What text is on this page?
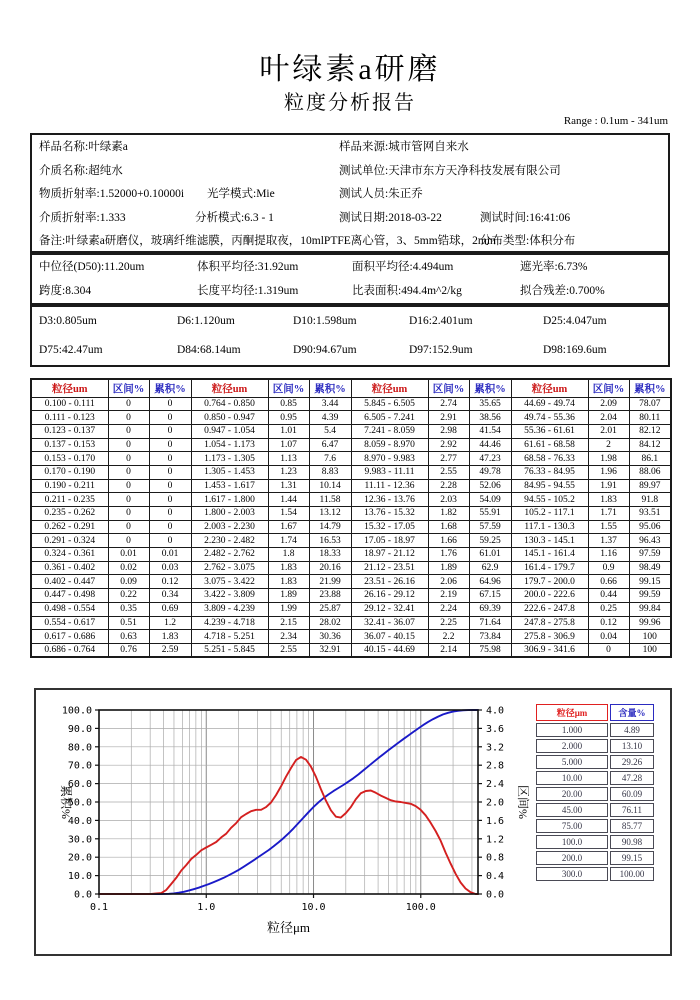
叶绿素a研磨
粒度分析报告
Range : 0.1um - 341um
样品名称:叶绿素a	样品来源:城市管网自来水
介质名称:超纯水	测试单位:天津市东方天净科技发展有限公司
物质折射率:1.52000+0.10000i 光学模式:Mie	测试人员:朱正乔
介质折射率:1.333	分析模式:6.3 - 1	测试日期:2018-03-22	测试时间:16:41:06
备注:叶绿素a研磨仪，玻璃纤维滤膜，丙酮提取夜，10mlPTFE离心管，3、5mm锆球，2min
分布类型:体积分布
中位径(D50):11.20um	体积平均径:31.92um	面积平均径:4.494um	遮光率:6.73%
跨度:8.304	长度平均径:1.319um	比表面积:494.4m^2/kg	拟合残差:0.700%
D3:0.805um	D6:1.120um	D10:1.598um	D16:2.401um	D25:4.047um
D75:42.47um	D84:68.14um	D90:94.67um	D97:152.9um	D98:169.6um
粒径um	区间%	累积%	粒径um	区间%	累积%	粒径um	区间%	累积%	粒径um	区间%	累积%
0.100 - 0.111	0	0	0.764 - 0.850	0.85	3.44	5.845 - 6.505	2.74	35.65	44.69 - 49.74	2.09	78.07
0.111 - 0.123	0	0	0.850 - 0.947	0.95	4.39	6.505 - 7.241	2.91	38.56	49.74 - 55.36	2.04	80.11
0.123 - 0.137	0	0	0.947 - 1.054	1.01	5.4	7.241 - 8.059	2.98	41.54	55.36 - 61.61	2.01	82.12
0.137 - 0.153	0	0	1.054 - 1.173	1.07	6.47	8.059 - 8.970	2.92	44.46	61.61 - 68.58	2	84.12
0.153 - 0.170	0	0	1.173 - 1.305	1.13	7.6	8.970 - 9.983	2.77	47.23	68.58 - 76.33	1.98	86.1
0.170 - 0.190	0	0	1.305 - 1.453	1.23	8.83	9.983 - 11.11	2.55	49.78	76.33 - 84.95	1.96	88.06
0.190 - 0.211	0	0	1.453 - 1.617	1.31	10.14	11.11 - 12.36	2.28	52.06	84.95 - 94.55	1.91	89.97
0.211 - 0.235	0	0	1.617 - 1.800	1.44	11.58	12.36 - 13.76	2.03	54.09	94.55 - 105.2	1.83	91.8
0.235 - 0.262	0	0	1.800 - 2.003	1.54	13.12	13.76 - 15.32	1.82	55.91	105.2 - 117.1	1.71	93.51
0.262 - 0.291	0	0	2.003 - 2.230	1.67	14.79	15.32 - 17.05	1.68	57.59	117.1 - 130.3	1.55	95.06
0.291 - 0.324	0	0	2.230 - 2.482	1.74	16.53	17.05 - 18.97	1.66	59.25	130.3 - 145.1	1.37	96.43
0.324 - 0.361	0.01	0.01	2.482 - 2.762	1.8	18.33	18.97 - 21.12	1.76	61.01	145.1 - 161.4	1.16	97.59
0.361 - 0.402	0.02	0.03	2.762 - 3.075	1.83	20.16	21.12 - 23.51	1.89	62.9	161.4 - 179.7	0.9	98.49
0.402 - 0.447	0.09	0.12	3.075 - 3.422	1.83	21.99	23.51 - 26.16	2.06	64.96	179.7 - 200.0	0.66	99.15
0.447 - 0.498	0.22	0.34	3.422 - 3.809	1.89	23.88	26.16 - 29.12	2.19	67.15	200.0 - 222.6	0.44	99.59
0.498 - 0.554	0.35	0.69	3.809 - 4.239	1.99	25.87	29.12 - 32.41	2.24	69.39	222.6 - 247.8	0.25	99.84
0.554 - 0.617	0.51	1.2	4.239 - 4.718	2.15	28.02	32.41 - 36.07	2.25	71.64	247.8 - 275.8	0.12	99.96
0.617 - 0.686	0.63	1.83	4.718 - 5.251	2.34	30.36	36.07 - 40.15	2.2	73.84	275.8 - 306.9	0.04	100
0.686 - 0.764	0.76	2.59	5.251 - 5.845	2.55	32.91	40.15 - 44.69	2.14	75.98	306.9 - 341.6	0	100
0.1	1.0	10.0	100.0
0.0
10.0
20.0
30.0
40.0
50.0
60.0
70.0
80.0
90.0
100.0
0.0
0.4
0.8
1.2
1.6
2.0
2.4
2.8
3.2
3.6
4.0
粒径μm
累积%	区间%
粒径μm	含量%
1.000	4.89
2.000	13.10
5.000	29.26
10.00	47.28
20.00	60.09
45.00	76.11
75.00	85.77
100.0	90.98
200.0	99.15
300.0	100.00
